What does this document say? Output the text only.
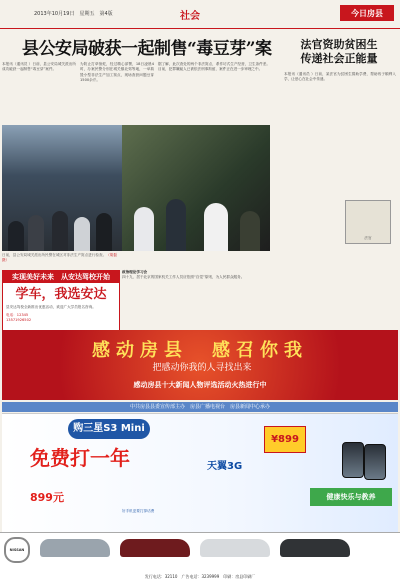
2013年10月19日　星期五　第4版	社会	今日房县
县公安局破获一起制售“毒豆芽”案
本报讯（通讯员 ）日前，县公安局城关派出所成功破获一起制售“毒豆芽”案件。
为防止打草惊蛇，经过精心部署，18日凌晨4时，办案民警分别在城关镇北郊等地，一举捣毁小型非法生产加工窝点，现场查获问题豆芽1500余斤。
据了解，此次查处的两个非法窝点，系作坊式生产经营，卫生条件差。目前，犯罪嫌疑人已被依法刑事拘留，案件正在进一步审理之中。
日前，县公安局城关派出所民警在城区对非法生产窝点进行检查。（胡磊 摄）
法官资助贫困生
传递社会正能量
本报讯（通讯员 ）日前，某法官为贫困生捐助学费，帮助孩子顺利入学，让爱心在社会中传递。
法官
实现美好未来　从安达驾校开始
学车，我选安达
县安达驾校全新推出优惠活动，欢迎广大学员报名咨询。
电话：12345
13571926502
政治理论学习会
四十九、居于北京的国家机关工作人员应依照“自觉”原则，为人民群众服务。
感动房县　感召你我
把感动你我的人寻找出来
感动房县十大新闻人物评选活动火热进行中
中共房县县委宣传部主办　房县广播电视台　房县新闻中心承办
购三星S3 Mini
免费打一年
899元
天翼3G
¥899
健康快乐与教养
好手机更要打掉话费
NISSAN
发行电话：32110　广告电话：3239999　印刷：房县印刷厂
